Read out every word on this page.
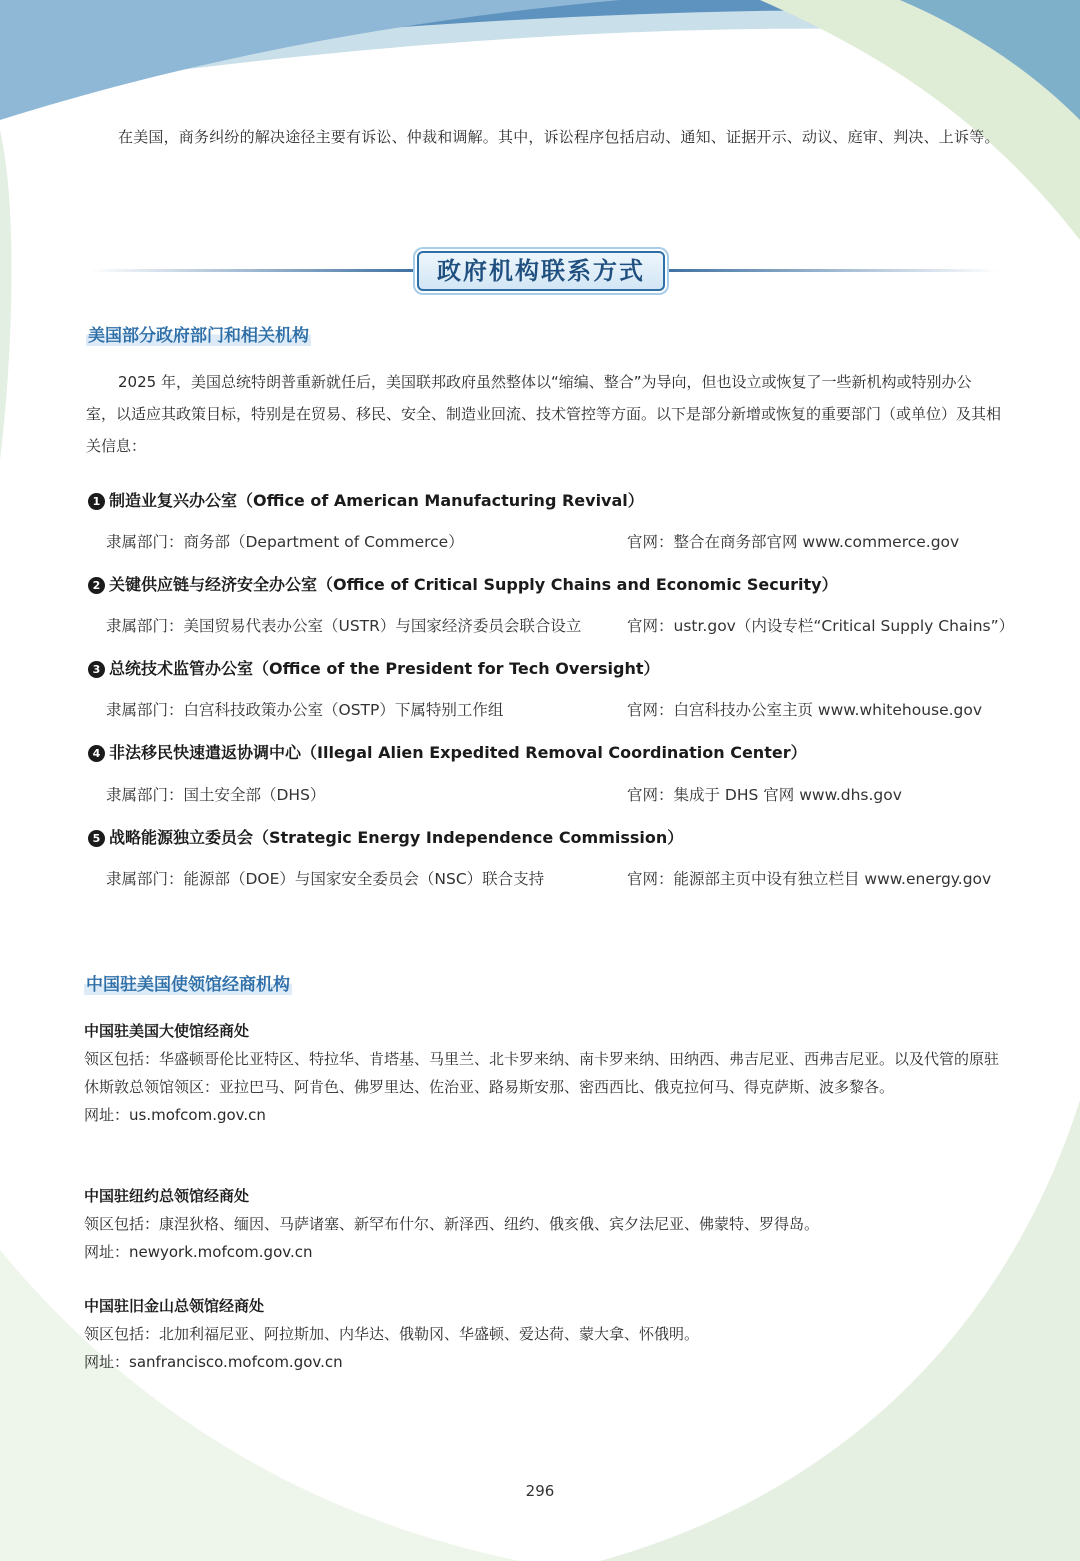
在美国，商务纠纷的解决途径主要有诉讼、仲裁和调解。其中，诉讼程序包括启动、通知、证据开示、动议、庭审、判决、上诉等。
政府机构联系方式
美国部分政府部门和相关机构
2025 年，美国总统特朗普重新就任后，美国联邦政府虽然整体以“缩编、整合”为导向，但也设立或恢复了一些新机构或特别办公室，以适应其政策目标，特别是在贸易、移民、安全、制造业回流、技术管控等方面。以下是部分新增或恢复的重要部门（或单位）及其相关信息：
1 制造业复兴办公室（Office of American Manufacturing Revival）
隶属部门：商务部（Department of Commerce）	官网：整合在商务部官网 www.commerce.gov
2 关键供应链与经济安全办公室（Office of Critical Supply Chains and Economic Security）
隶属部门：美国贸易代表办公室（USTR）与国家经济委员会联合设立	官网：ustr.gov（内设专栏“Critical Supply Chains”）
3 总统技术监管办公室（Office of the President for Tech Oversight）
隶属部门：白宫科技政策办公室（OSTP）下属特别工作组	官网：白宫科技办公室主页 www.whitehouse.gov
4 非法移民快速遣返协调中心（Illegal Alien Expedited Removal Coordination Center）
隶属部门：国土安全部（DHS）	官网：集成于 DHS 官网 www.dhs.gov
5 战略能源独立委员会（Strategic Energy Independence Commission）
隶属部门：能源部（DOE）与国家安全委员会（NSC）联合支持	官网：能源部主页中设有独立栏目 www.energy.gov
中国驻美国使领馆经商机构
中国驻美国大使馆经商处
领区包括：华盛顿哥伦比亚特区、特拉华、肯塔基、马里兰、北卡罗来纳、南卡罗来纳、田纳西、弗吉尼亚、西弗吉尼亚。以及代管的原驻休斯敦总领馆领区：亚拉巴马、阿肯色、佛罗里达、佐治亚、路易斯安那、密西西比、俄克拉何马、得克萨斯、波多黎各。
网址：us.mofcom.gov.cn
中国驻纽约总领馆经商处
领区包括：康涅狄格、缅因、马萨诸塞、新罕布什尔、新泽西、纽约、俄亥俄、宾夕法尼亚、佛蒙特、罗得岛。
网址：newyork.mofcom.gov.cn
中国驻旧金山总领馆经商处
领区包括：北加利福尼亚、阿拉斯加、内华达、俄勒冈、华盛顿、爱达荷、蒙大拿、怀俄明。
网址：sanfrancisco.mofcom.gov.cn
296
